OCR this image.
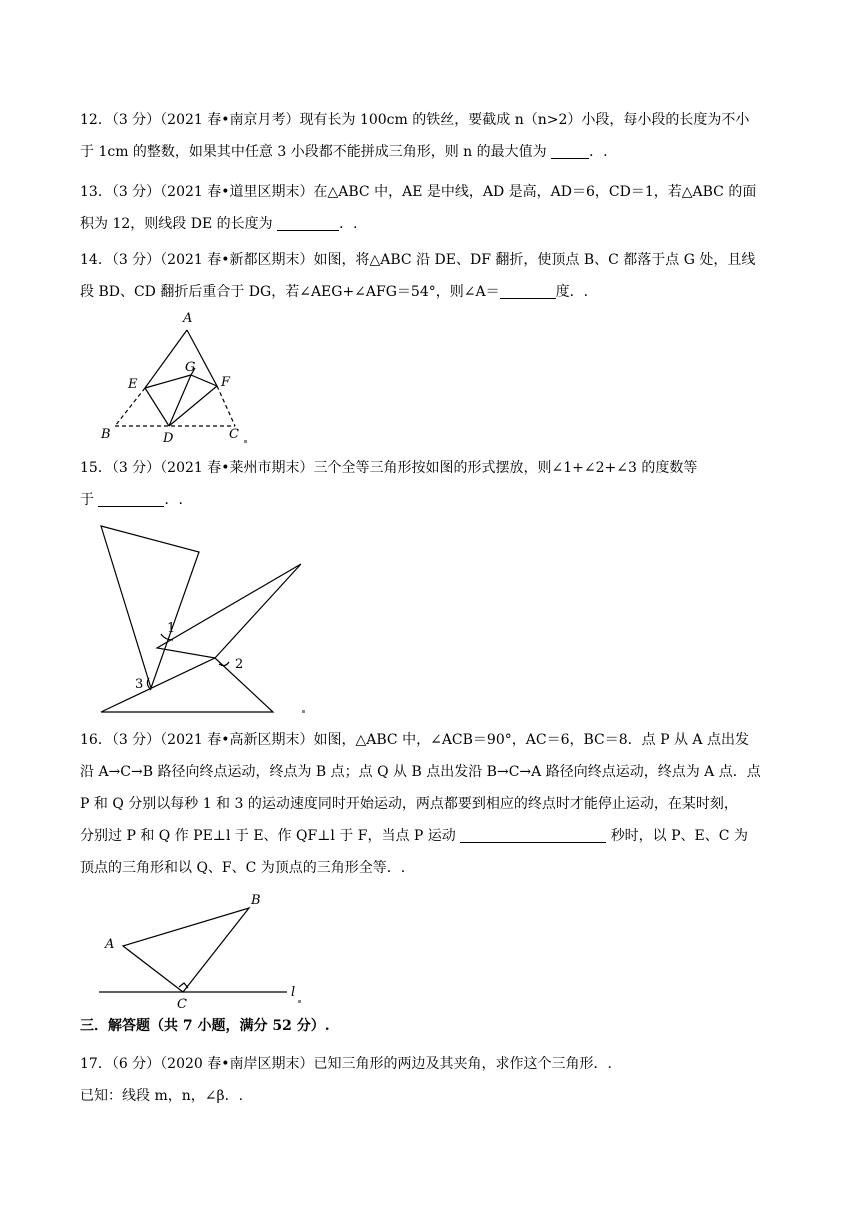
12．（3 分）（2021 春•南京月考）现有长为 100cm 的铁丝，要截成 n（n>2）小段，每小段的长度为不小
于 1cm 的整数，如果其中任意 3 小段都不能拼成三角形，则 n 的最大值为	．.
13．（3 分）（2021 春•道里区期末）在△ABC 中，AE 是中线，AD 是高，AD＝6，CD＝1，若△ABC 的面
积为 12，则线段 DE 的长度为	．.
14．（3 分）（2021 春•新都区期末）如图，将△ABC 沿 DE、DF 翻折，使顶点 B、C 都落于点 G 处，且线
段 BD、CD 翻折后重合于 DG，若∠AEG+∠AFG＝54°，则∠A＝	度．.
A
G
E	F
B	D	C
15．（3 分）（2021 春•莱州市期末）三个全等三角形按如图的形式摆放，则∠1+∠2+∠3 的度数等
于	．.
1
2
3
16．（3 分）（2021 春•高新区期末）如图，△ABC 中，∠ACB＝90°，AC＝6，BC＝8．点 P 从 A 点出发
沿 A→C→B 路径向终点运动，终点为 B 点；点 Q 从 B 点出发沿 B→C→A 路径向终点运动，终点为 A 点．点
P 和 Q 分别以每秒 1 和 3 的运动速度同时开始运动，两点都要到相应的终点时才能停止运动，在某时刻，
分别过 P 和 Q 作 PE⊥l 于 E、作 QF⊥l 于 F，当点 P 运动	秒时，以 P、E、C 为
顶点的三角形和以 Q、F、C 为顶点的三角形全等．.
B
A
C
l
三．解答题（共 7 小题，满分 52 分）.
17．（6 分）（2020 春•南岸区期末）已知三角形的两边及其夹角，求作这个三角形．.
已知：线段 m，n，∠β．.
